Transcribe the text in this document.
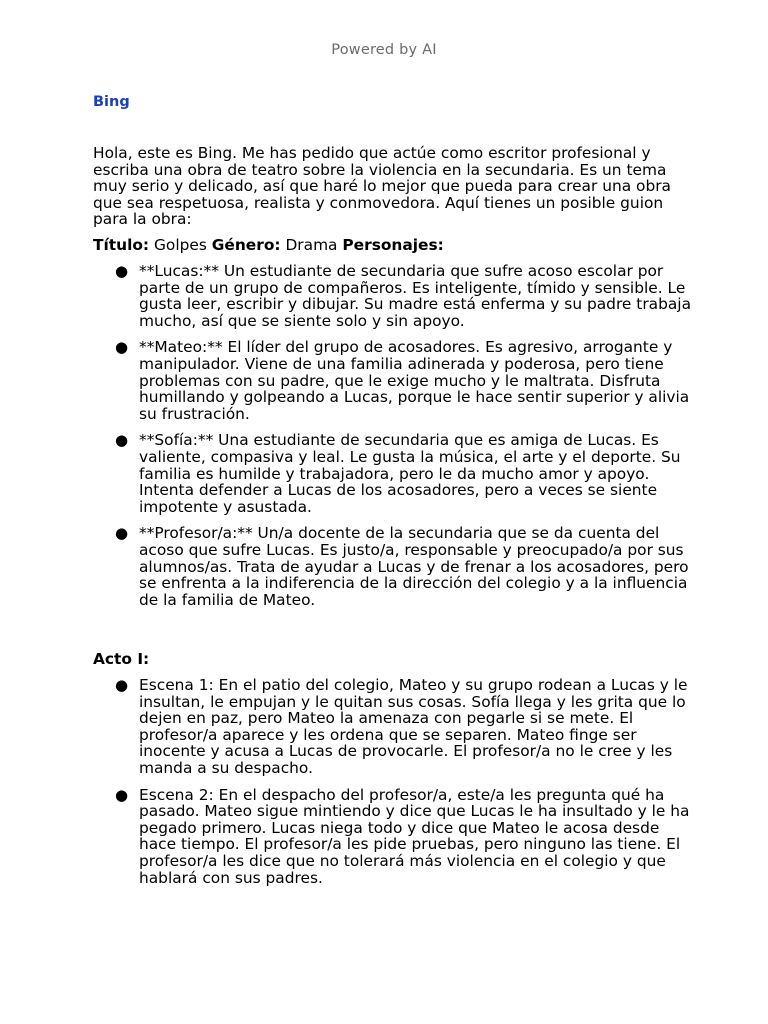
Powered by AI
Bing

Hola, este es Bing. Me has pedido que actúe como escritor profesional y escriba una obra de teatro sobre la violencia en la secundaria. Es un tema muy serio y delicado, así que haré lo mejor que pueda para crear una obra que sea respetuosa, realista y conmovedora. Aquí tienes un posible guion para la obra:

Título: Golpes Género: Drama Personajes:

● **Lucas:** Un estudiante de secundaria que sufre acoso escolar por parte de un grupo de compañeros. Es inteligente, tímido y sensible. Le gusta leer, escribir y dibujar. Su madre está enferma y su padre trabaja mucho, así que se siente solo y sin apoyo.
● **Mateo:** El líder del grupo de acosadores. Es agresivo, arrogante y manipulador. Viene de una familia adinerada y poderosa, pero tiene problemas con su padre, que le exige mucho y le maltrata. Disfruta humillando y golpeando a Lucas, porque le hace sentir superior y alivia su frustración.
● **Sofía:** Una estudiante de secundaria que es amiga de Lucas. Es valiente, compasiva y leal. Le gusta la música, el arte y el deporte. Su familia es humilde y trabajadora, pero le da mucho amor y apoyo. Intenta defender a Lucas de los acosadores, pero a veces se siente impotente y asustada.
● **Profesor/a:** Un/a docente de la secundaria que se da cuenta del acoso que sufre Lucas. Es justo/a, responsable y preocupado/a por sus alumnos/as. Trata de ayudar a Lucas y de frenar a los acosadores, pero se enfrenta a la indiferencia de la dirección del colegio y a la influencia de la familia de Mateo.

Acto I:

● Escena 1: En el patio del colegio, Mateo y su grupo rodean a Lucas y le insultan, le empujan y le quitan sus cosas. Sofía llega y les grita que lo dejen en paz, pero Mateo la amenaza con pegarle si se mete. El profesor/a aparece y les ordena que se separen. Mateo finge ser inocente y acusa a Lucas de provocarle. El profesor/a no le cree y les manda a su despacho.
● Escena 2: En el despacho del profesor/a, este/a les pregunta qué ha pasado. Mateo sigue mintiendo y dice que Lucas le ha insultado y le ha pegado primero. Lucas niega todo y dice que Mateo le acosa desde hace tiempo. El profesor/a les pide pruebas, pero ninguno las tiene. El profesor/a les dice que no tolerará más violencia en el colegio y que hablará con sus padres.
